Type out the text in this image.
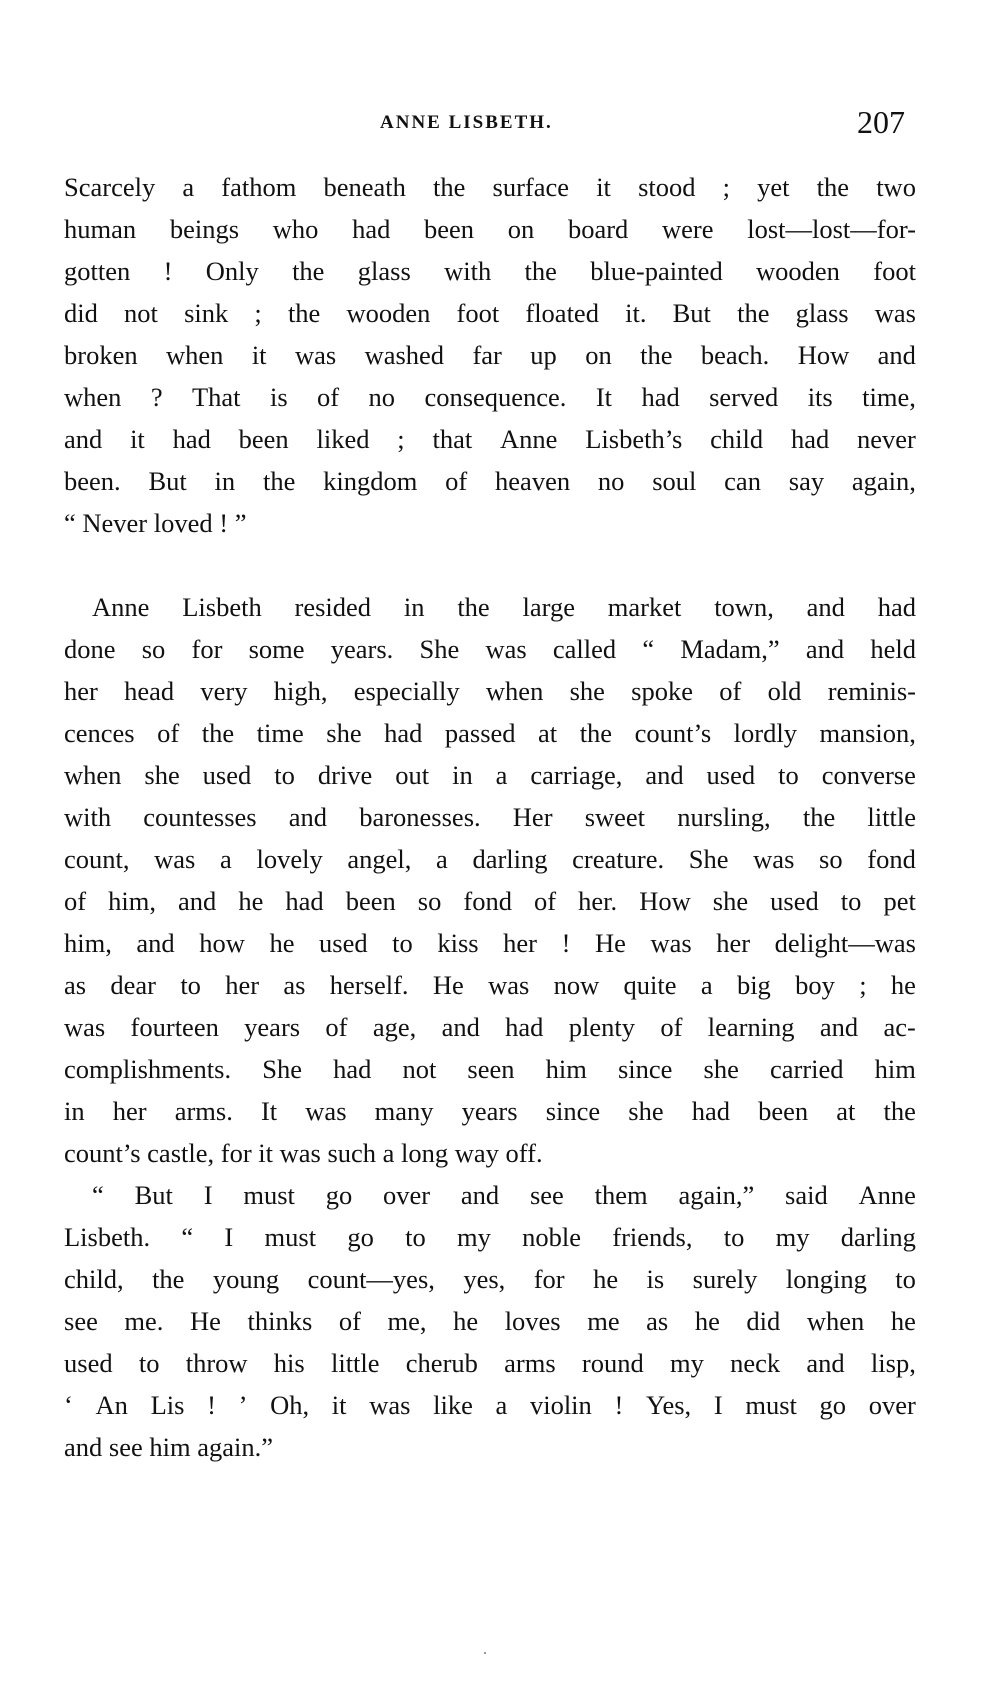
ANNE LISBETH.	207
Scarcely a fathom beneath the surface it stood ; yet the two
human beings who had been on board were lost—lost—for-
gotten ! Only the glass with the blue-painted wooden foot
did not sink ; the wooden foot floated it. But the glass was
broken when it was washed far up on the beach. How and
when ? That is of no consequence. It had served its time,
and it had been liked ; that Anne Lisbeth’s child had never
been. But in the kingdom of heaven no soul can say again,
“ Never loved ! ”
Anne Lisbeth resided in the large market town, and had
done so for some years. She was called “ Madam,” and held
her head very high, especially when she spoke of old reminis-
cences of the time she had passed at the count’s lordly mansion,
when she used to drive out in a carriage, and used to converse
with countesses and baronesses. Her sweet nursling, the little
count, was a lovely angel, a darling creature. She was so fond
of him, and he had been so fond of her. How she used to pet
him, and how he used to kiss her ! He was her delight—was
as dear to her as herself. He was now quite a big boy ; he
was fourteen years of age, and had plenty of learning and ac-
complishments. She had not seen him since she carried him
in her arms. It was many years since she had been at the
count’s castle, for it was such a long way off.
“ But I must go over and see them again,” said Anne
Lisbeth. “ I must go to my noble friends, to my darling
child, the young count—yes, yes, for he is surely longing to
see me. He thinks of me, he loves me as he did when he
used to throw his little cherub arms round my neck and lisp,
‘ An Lis ! ’ Oh, it was like a violin ! Yes, I must go over
and see him again.”
